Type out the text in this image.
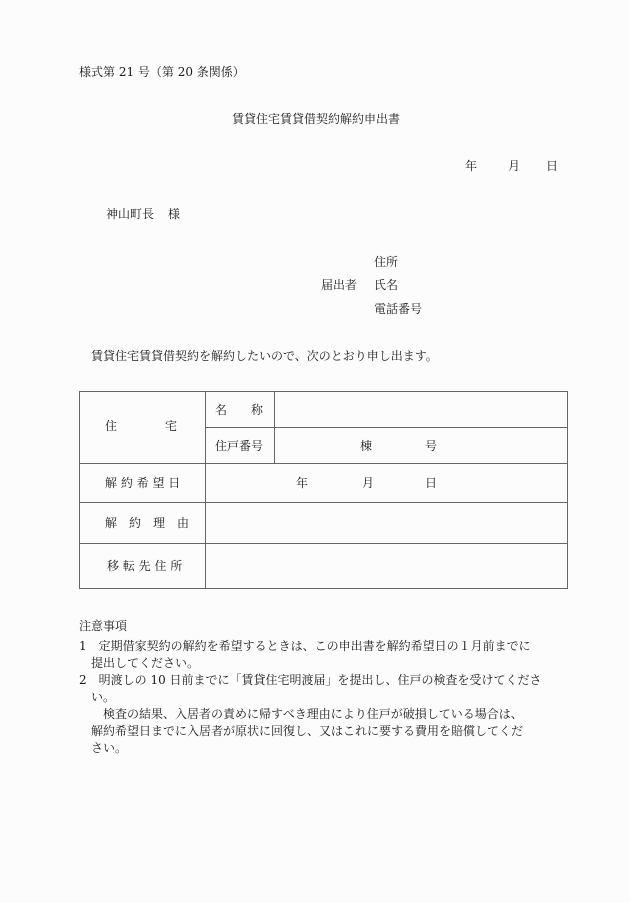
様式第 21 号（第 20 条関係）
賃貸住宅賃貸借契約解約申出書
年	月 日
神山町長 様
住所
届出者 氏名
電話番号
賃貸住宅賃貸借契約を解約したいので、次のとおり申し出ます。
住　　　　宅
名　　称
住戸番号	棟	号
解 約 希 望 日	年	月	日
解　約　理　由
移 転 先 住 所
注意事項
1　定期借家契約の解約を希望するときは、この申出書を解約希望日の１月前までに
　提出してください。
2　明渡しの 10 日前までに「賃貸住宅明渡届」を提出し、住戸の検査を受けてくださ
　い。
　　検査の結果、入居者の責めに帰すべき理由により住戸が破損している場合は、
　解約希望日までに入居者が原状に回復し、又はこれに要する費用を賠償してくだ
　さい。
